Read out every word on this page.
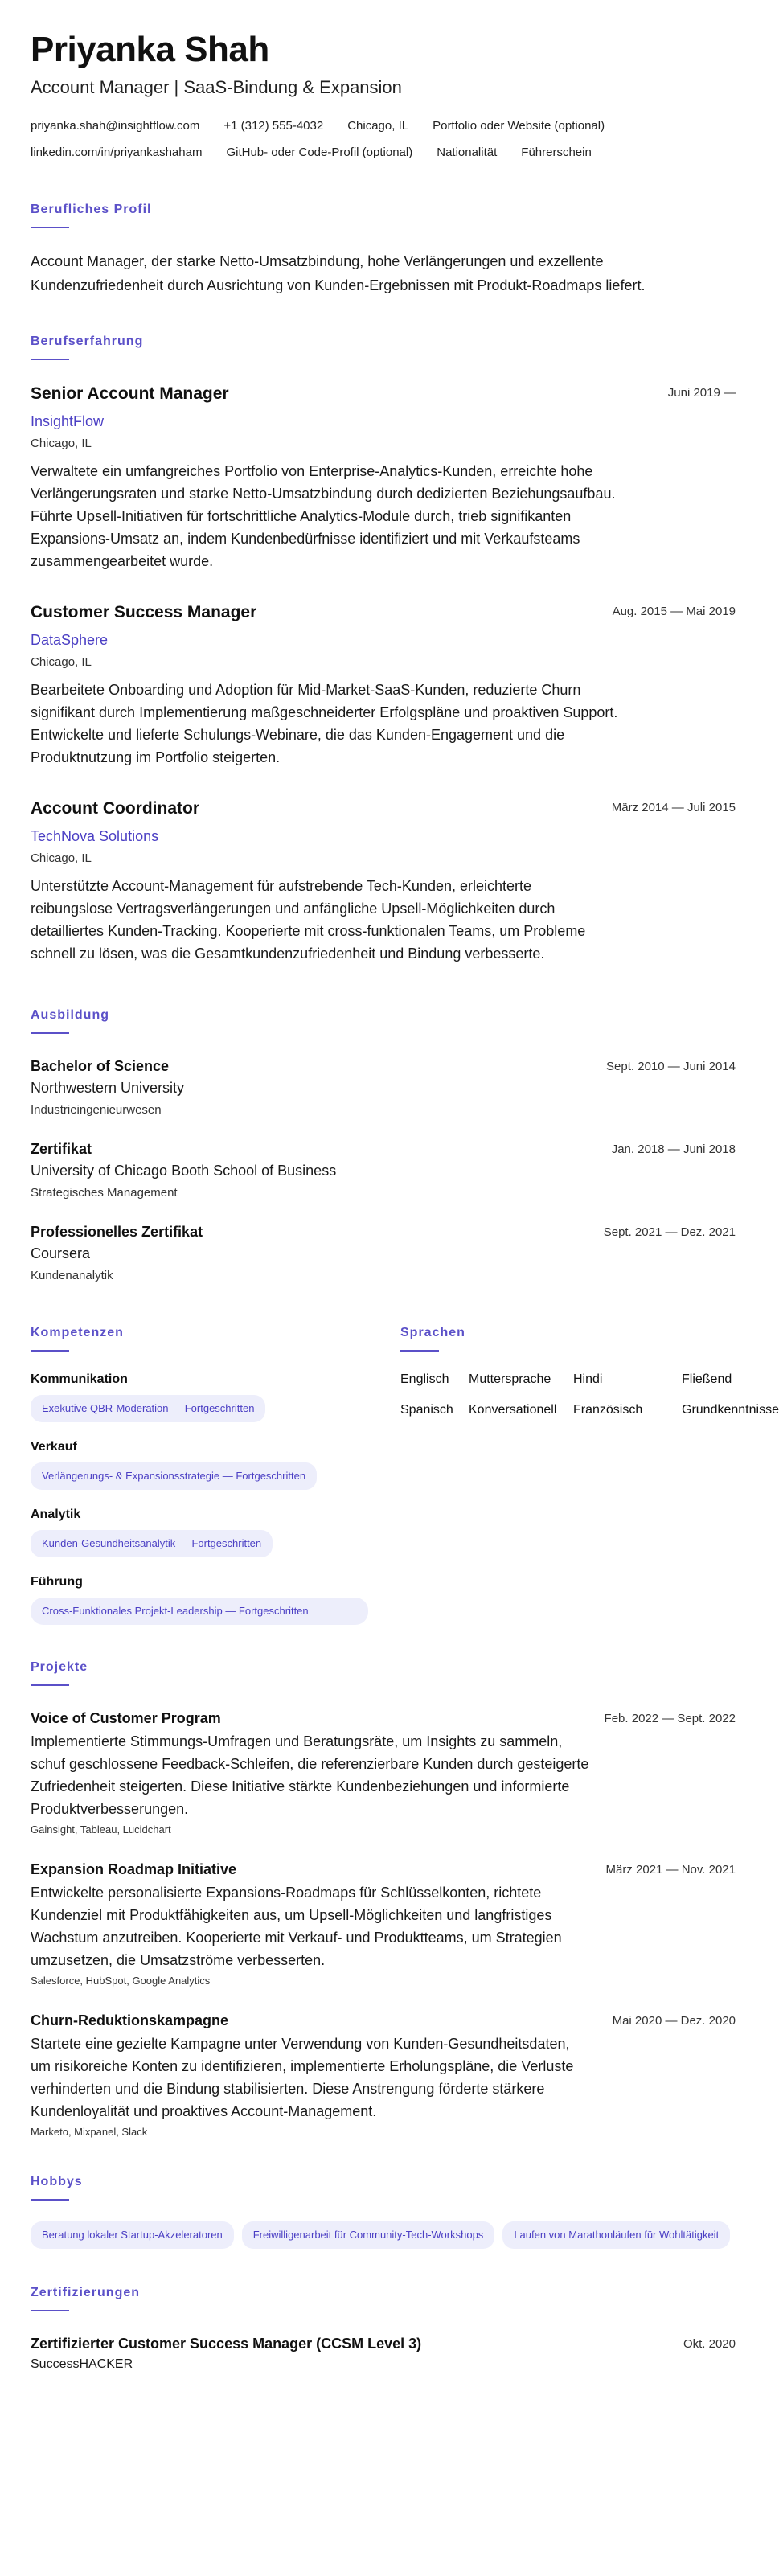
Priyanka Shah
Account Manager | SaaS-Bindung & Expansion
priyanka.shah@insightflow.com +1 (312) 555-4032 Chicago, IL Portfolio oder Website (optional)
linkedin.com/in/priyankashaham GitHub- oder Code-Profil (optional) Nationalität Führerschein
Berufliches Profil
Account Manager, der starke Netto-Umsatzbindung, hohe Verlängerungen und exzellente Kundenzufriedenheit durch Ausrichtung von Kunden-Ergebnissen mit Produkt-Roadmaps liefert.
Berufserfahrung
Senior Account Manager	Juni 2019 —
InsightFlow
Chicago, IL
Verwaltete ein umfangreiches Portfolio von Enterprise-Analytics-Kunden, erreichte hohe Verlängerungsraten und starke Netto-Umsatzbindung durch dedizierten Beziehungsaufbau. Führte Upsell-Initiativen für fortschrittliche Analytics-Module durch, trieb signifikanten Expansions-Umsatz an, indem Kundenbedürfnisse identifiziert und mit Verkaufsteams zusammengearbeitet wurde.
Customer Success Manager	Aug. 2015 — Mai 2019
DataSphere
Chicago, IL
Bearbeitete Onboarding und Adoption für Mid-Market-SaaS-Kunden, reduzierte Churn signifikant durch Implementierung maßgeschneiderter Erfolgspläne und proaktiven Support. Entwickelte und lieferte Schulungs-Webinare, die das Kunden-Engagement und die Produktnutzung im Portfolio steigerten.
Account Coordinator	März 2014 — Juli 2015
TechNova Solutions
Chicago, IL
Unterstützte Account-Management für aufstrebende Tech-Kunden, erleichterte reibungslose Vertragsverlängerungen und anfängliche Upsell-Möglichkeiten durch detailliertes Kunden-Tracking. Kooperierte mit cross-funktionalen Teams, um Probleme schnell zu lösen, was die Gesamtkundenzufriedenheit und Bindung verbesserte.
Ausbildung
Bachelor of Science	Sept. 2010 — Juni 2014
Northwestern University
Industrieingenieurwesen
Zertifikat	Jan. 2018 — Juni 2018
University of Chicago Booth School of Business
Strategisches Management
Professionelles Zertifikat	Sept. 2021 — Dez. 2021
Coursera
Kundenanalytik
Kompetenzen
Kommunikation
Exekutive QBR-Moderation — Fortgeschritten
Verkauf
Verlängerungs- & Expansionsstrategie — Fortgeschritten
Analytik
Kunden-Gesundheitsanalytik — Fortgeschritten
Führung
Cross-Funktionales Projekt-Leadership — Fortgeschritten
Sprachen
Englisch	Muttersprache	Hindi	Fließend
Spanisch	Konversationell	Französisch	Grundkenntnisse
Projekte
Voice of Customer Program	Feb. 2022 — Sept. 2022
Implementierte Stimmungs-Umfragen und Beratungsräte, um Insights zu sammeln, schuf geschlossene Feedback-Schleifen, die referenzierbare Kunden durch gesteigerte Zufriedenheit steigerten. Diese Initiative stärkte Kundenbeziehungen und informierte Produktverbesserungen.
Gainsight, Tableau, Lucidchart
Expansion Roadmap Initiative	März 2021 — Nov. 2021
Entwickelte personalisierte Expansions-Roadmaps für Schlüsselkonten, richtete Kundenziel mit Produktfähigkeiten aus, um Upsell-Möglichkeiten und langfristiges Wachstum anzutreiben. Kooperierte mit Verkauf- und Produktteams, um Strategien umzusetzen, die Umsatzströme verbesserten.
Salesforce, HubSpot, Google Analytics
Churn-Reduktionskampagne	Mai 2020 — Dez. 2020
Startete eine gezielte Kampagne unter Verwendung von Kunden-Gesundheitsdaten, um risikoreiche Konten zu identifizieren, implementierte Erholungspläne, die Verluste verhinderten und die Bindung stabilisierten. Diese Anstrengung förderte stärkere Kundenloyalität und proaktives Account-Management.
Marketo, Mixpanel, Slack
Hobbys
Beratung lokaler Startup-Akzeleratoren	Freiwilligenarbeit für Community-Tech-Workshops	Laufen von Marathonläufen für Wohltätigkeit
Zertifizierungen
Zertifizierter Customer Success Manager (CCSM Level 3)	Okt. 2020
SuccessHACKER
